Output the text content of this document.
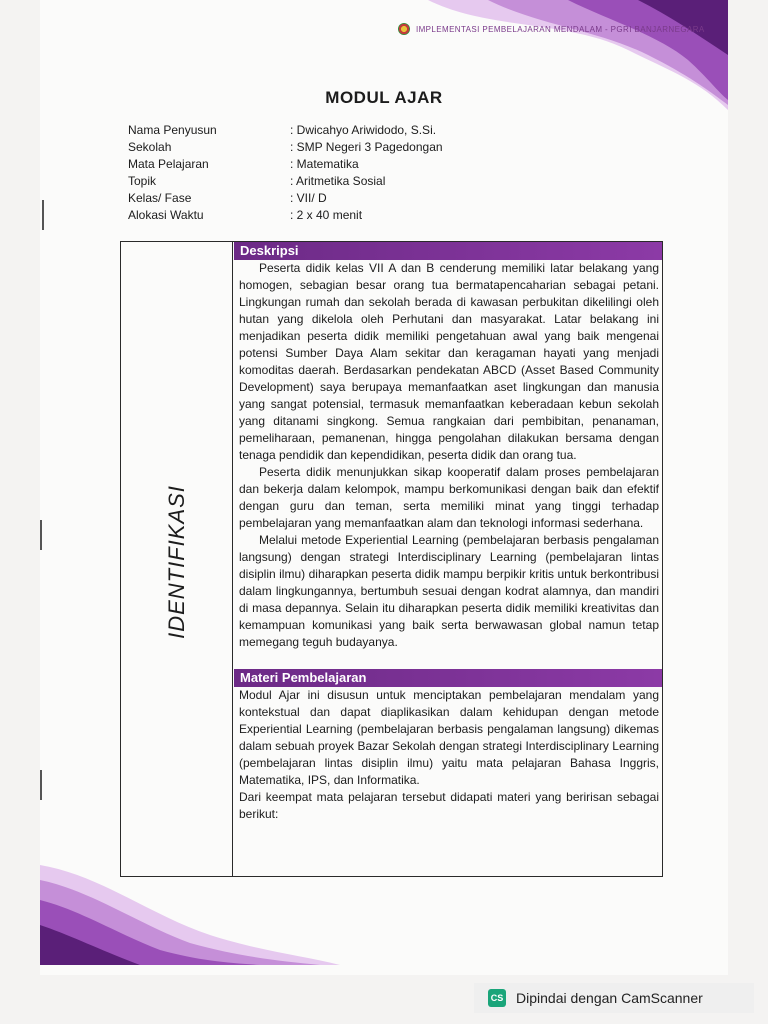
IMPLEMENTASI PEMBELAJARAN MENDALAM - PGRI BANJARNEGARA
MODUL AJAR
Nama Penyusun	: Dwicahyo Ariwidodo, S.Si.
Sekolah	: SMP Negeri 3 Pagedongan
Mata Pelajaran	: Matematika
Topik	: Aritmetika Sosial
Kelas/ Fase	: VII/ D
Alokasi Waktu	: 2 x 40 menit
IDENTIFIKASI
Deskripsi

Peserta didik kelas VII A dan B cenderung memiliki latar belakang yang homogen, sebagian besar orang tua bermatapencaharian sebagai petani. Lingkungan rumah dan sekolah berada di kawasan perbukitan dikelilingi oleh hutan yang dikelola oleh Perhutani dan masyarakat. Latar belakang ini menjadikan peserta didik memiliki pengetahuan awal yang baik mengenai potensi Sumber Daya Alam sekitar dan keragaman hayati yang menjadi komoditas daerah. Berdasarkan pendekatan ABCD (Asset Based Community Development) saya berupaya memanfaatkan aset lingkungan dan manusia yang sangat potensial, termasuk memanfaatkan keberadaan kebun sekolah yang ditanami singkong. Semua rangkaian dari pembibitan, penanaman, pemeliharaan, pemanenan, hingga pengolahan dilakukan bersama dengan tenaga pendidik dan kependidikan, peserta didik dan orang tua.

Peserta didik menunjukkan sikap kooperatif dalam proses pembelajaran dan bekerja dalam kelompok, mampu berkomunikasi dengan baik dan efektif dengan guru dan teman, serta memiliki minat yang tinggi terhadap pembelajaran yang memanfaatkan alam dan teknologi informasi sederhana.

Melalui metode Experiential Learning (pembelajaran berbasis pengalaman langsung) dengan strategi Interdisciplinary Learning (pembelajaran lintas disiplin ilmu) diharapkan peserta didik mampu berpikir kritis untuk berkontribusi dalam lingkungannya, bertumbuh sesuai dengan kodrat alamnya, dan mandiri di masa depannya. Selain itu diharapkan peserta didik memiliki kreativitas dan kemampuan komunikasi yang baik serta berwawasan global namun tetap memegang teguh budayanya.

Materi Pembelajaran

Modul Ajar ini disusun untuk menciptakan pembelajaran mendalam yang kontekstual dan dapat diaplikasikan dalam kehidupan dengan metode Experiential Learning (pembelajaran berbasis pengalaman langsung) dikemas dalam sebuah proyek Bazar Sekolah dengan strategi Interdisciplinary Learning (pembelajaran lintas disiplin ilmu) yaitu mata pelajaran Bahasa Inggris, Matematika, IPS, dan Informatika.

Dari keempat mata pelajaran tersebut didapati materi yang beririsan sebagai berikut:

CS Dipindai dengan CamScanner
